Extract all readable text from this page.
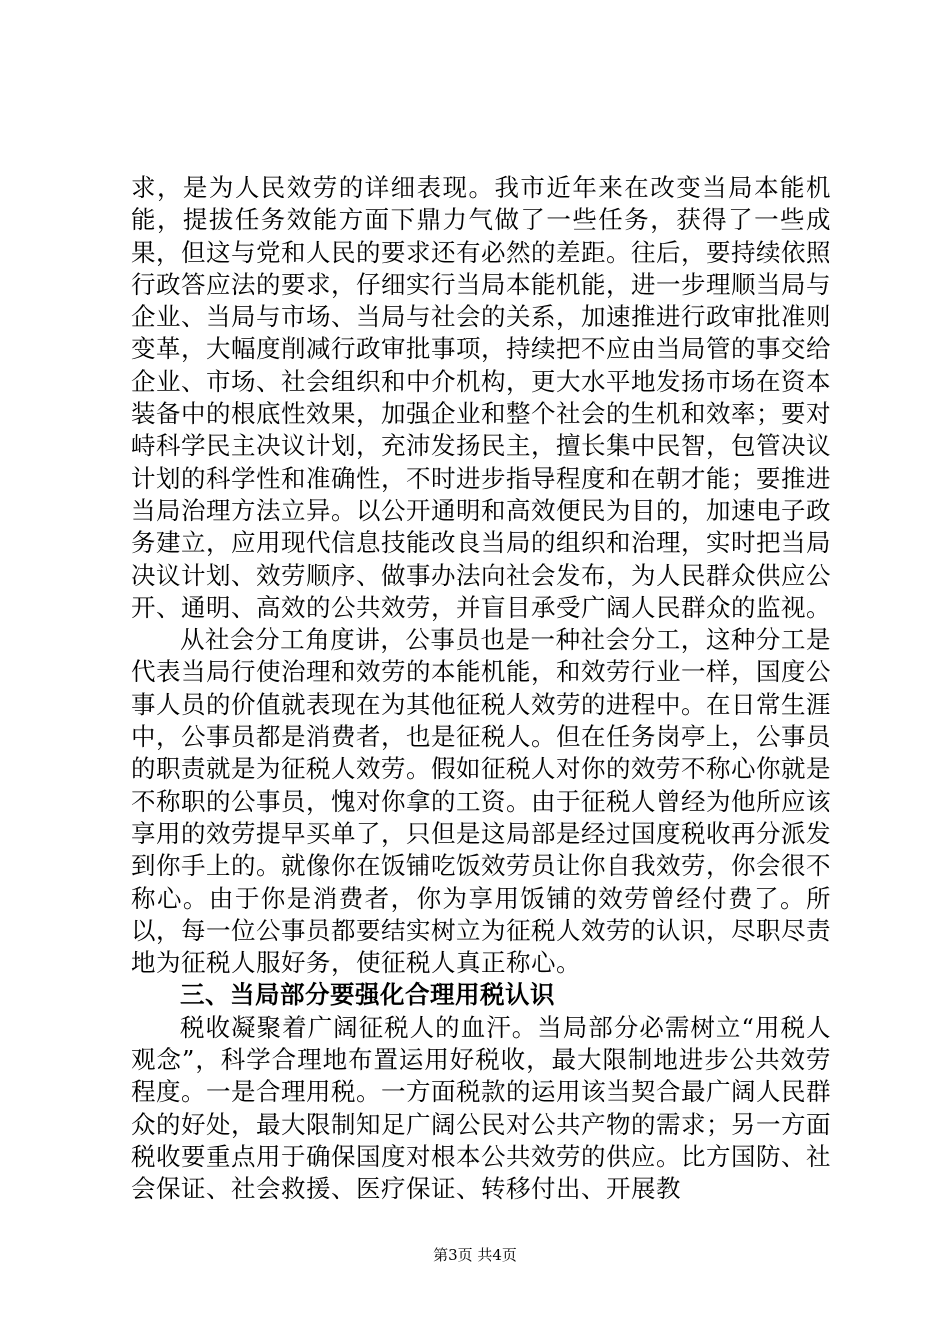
求，是为人民效劳的详细表现。我市近年来在改变当局本能机能，提拔任务效能方面下鼎力气做了一些任务，获得了一些成果，但这与党和人民的要求还有必然的差距。往后，要持续依照行政答应法的要求，仔细实行当局本能机能，进一步理顺当局与企业、当局与市场、当局与社会的关系，加速推进行政审批准则变革，大幅度削减行政审批事项，持续把不应由当局管的事交给企业、市场、社会组织和中介机构，更大水平地发扬市场在资本装备中的根底性效果，加强企业和整个社会的生机和效率；要对峙科学民主决议计划，充沛发扬民主，擅长集中民智，包管决议计划的科学性和准确性，不时进步指导程度和在朝才能；要推进当局治理方法立异。以公开通明和高效便民为目的，加速电子政务建立，应用现代信息技能改良当局的组织和治理，实时把当局决议计划、效劳顺序、做事办法向社会发布，为人民群众供应公开、通明、高效的公共效劳，并盲目承受广阔人民群众的监视。

从社会分工角度讲，公事员也是一种社会分工，这种分工是代表当局行使治理和效劳的本能机能，和效劳行业一样，国度公事人员的价值就表现在为其他征税人效劳的进程中。在日常生涯中，公事员都是消费者，也是征税人。但在任务岗亭上，公事员的职责就是为征税人效劳。假如征税人对你的效劳不称心你就是不称职的公事员，愧对你拿的工资。由于征税人曾经为他所应该享用的效劳提早买单了，只但是这局部是经过国度税收再分派发到你手上的。就像你在饭铺吃饭效劳员让你自我效劳，你会很不称心。由于你是消费者，你为享用饭铺的效劳曾经付费了。所以，每一位公事员都要结实树立为征税人效劳的认识，尽职尽责地为征税人服好务，使征税人真正称心。

三、当局部分要强化合理用税认识

税收凝聚着广阔征税人的血汗。当局部分必需树立“用税人观念”，科学合理地布置运用好税收，最大限制地进步公共效劳程度。一是合理用税。一方面税款的运用该当契合最广阔人民群众的好处，最大限制知足广阔公民对公共产物的需求；另一方面税收要重点用于确保国度对根本公共效劳的供应。比方国防、社会保证、社会救援、医疗保证、转移付出、开展教

第3页 共4页
